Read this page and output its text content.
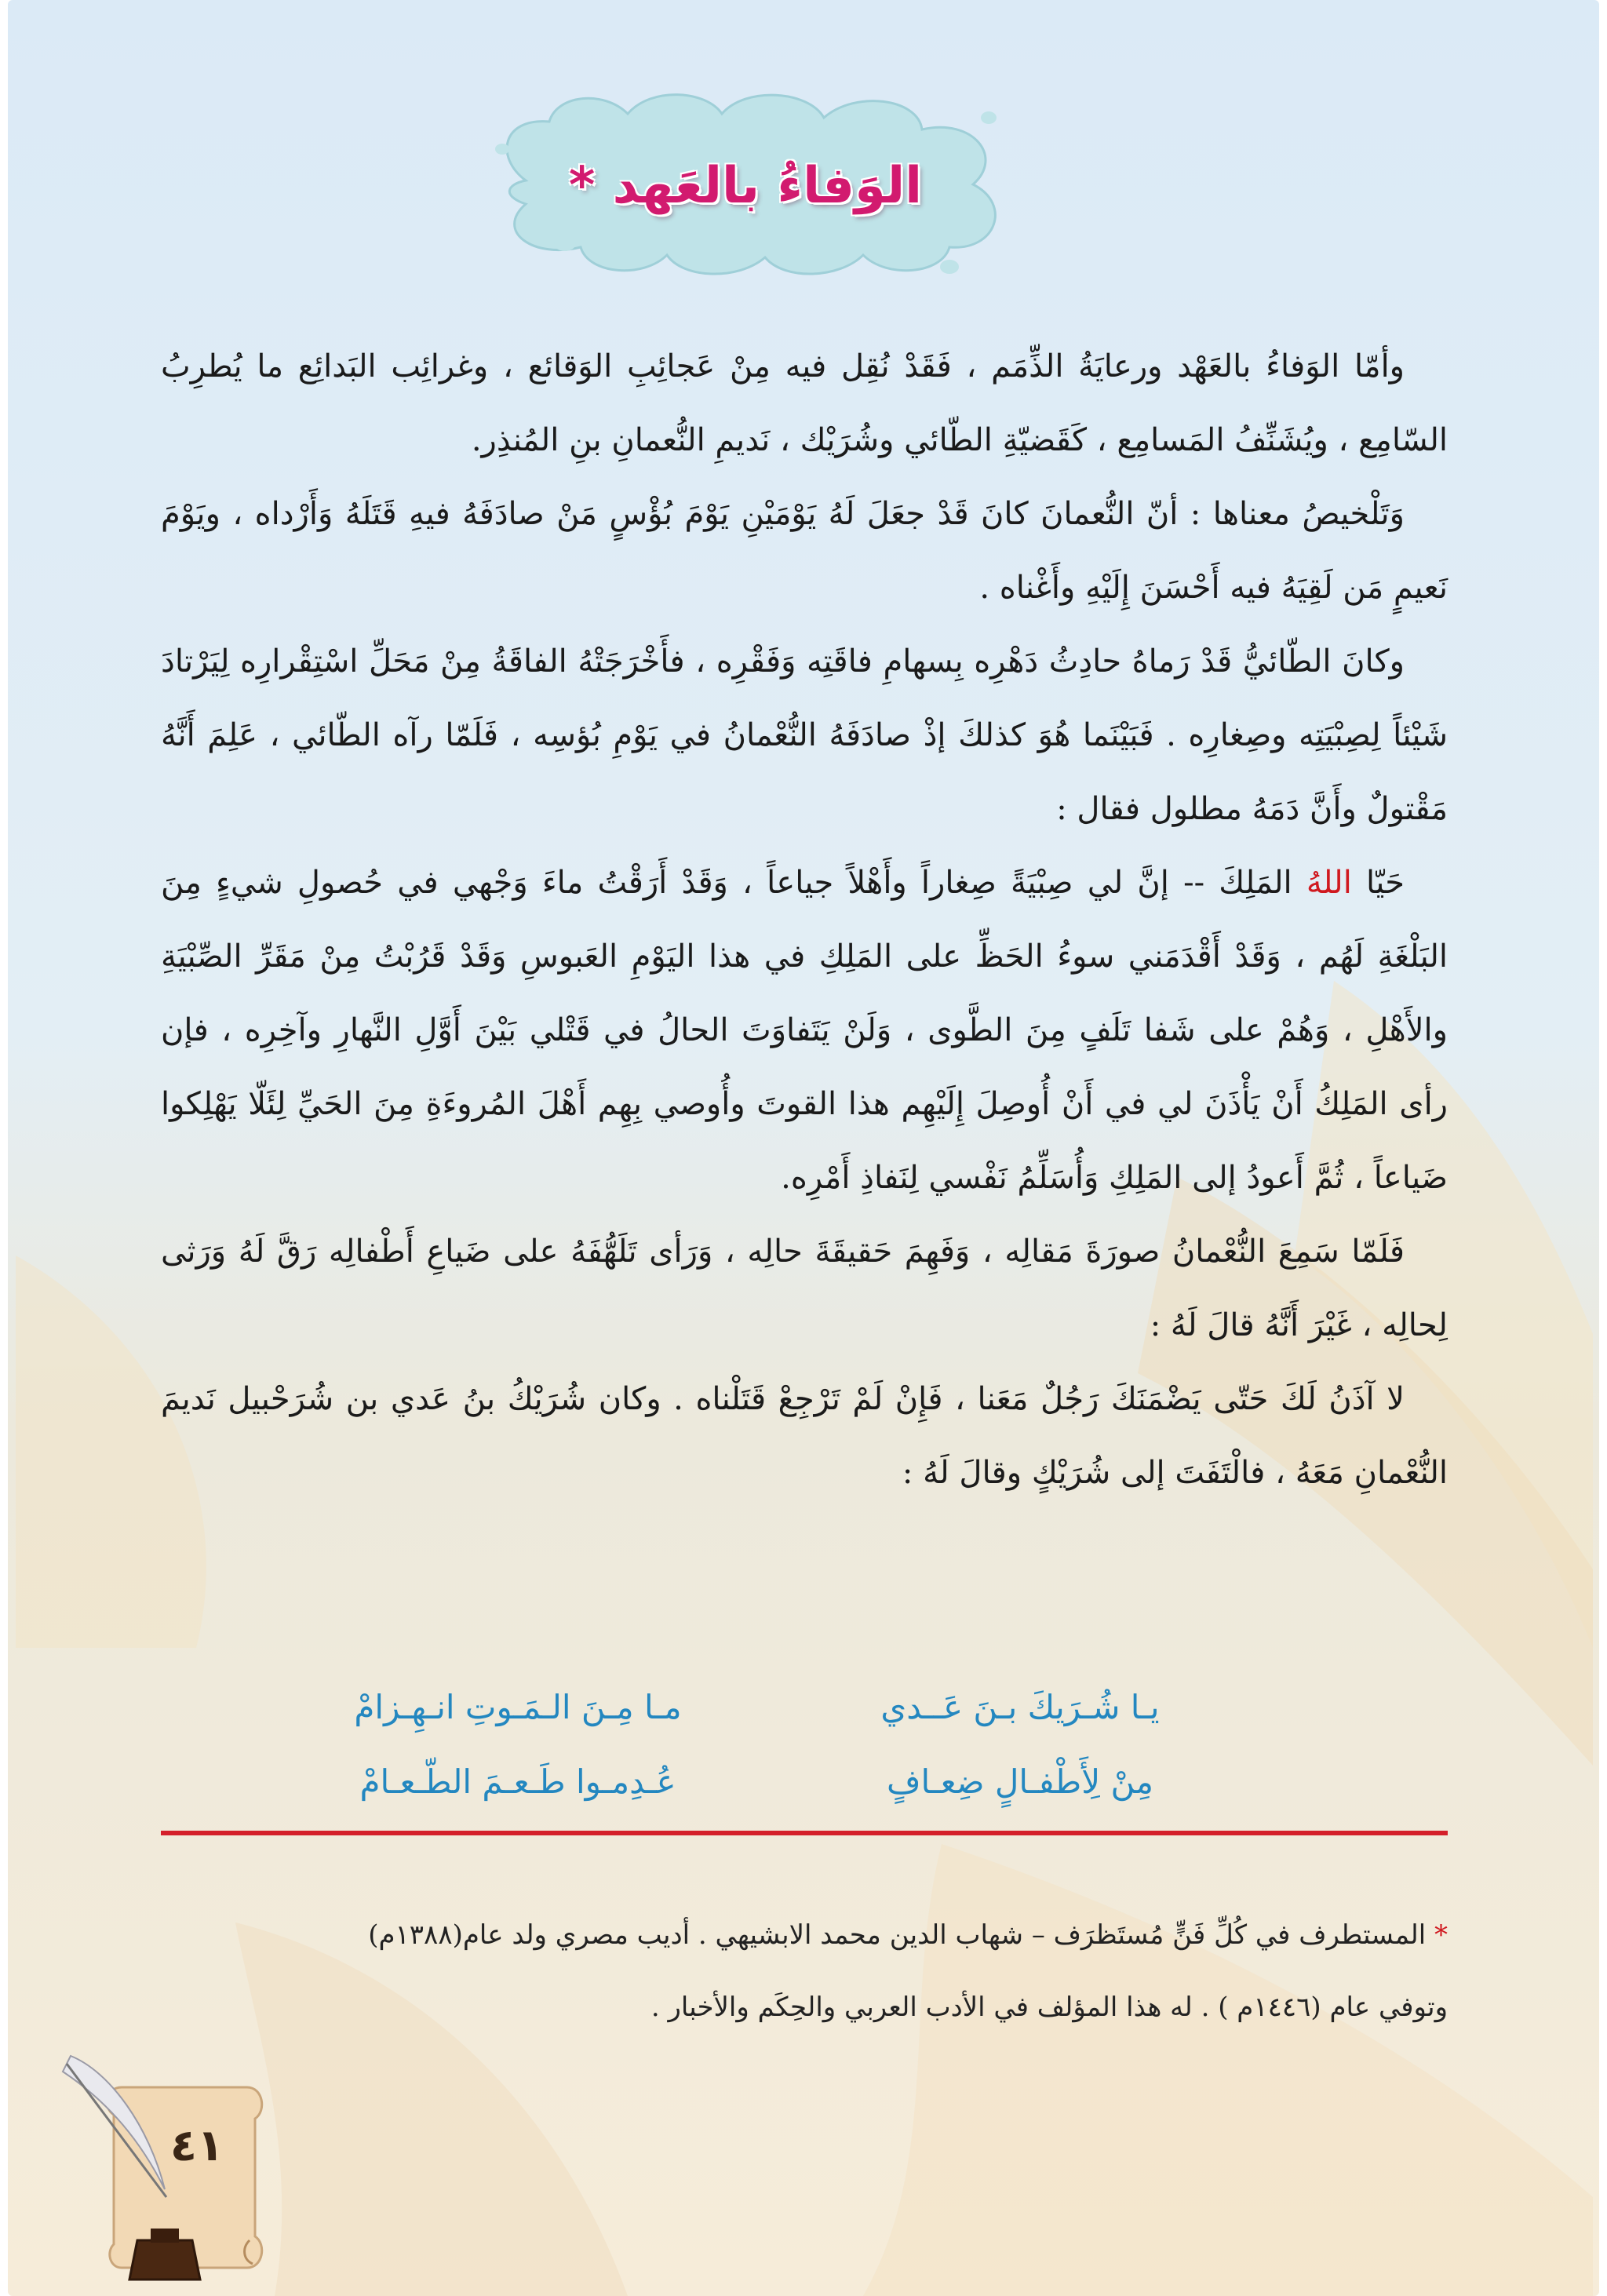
الوَفاءُ بالعَهد *

وأمّا الوَفاءُ بالعَهْد ورعايَةُ الذِّمَم ، فَقَدْ نُقِل فيه مِنْ عَجائِبِ الوَقائع ، وغرائِب البَدائِع ما يُطرِبُ السّامِع ، ويُشَنِّفُ المَسامِع ، كَقَضيّةِ الطّائي وشُرَيْك ، نَديمِ النُّعمانِ بنِ المُنذِر.

وَتَلْخيصُ معناها : أنّ النُّعمانَ كانَ قَدْ جعَلَ لَهُ يَوْمَيْنِ يَوْمَ بُؤْسٍ مَنْ صادَفَهُ فيهِ قَتَلَهُ وَأَرْداه ، ويَوْمَ نَعيمٍ مَن لَقِيَهُ فيه أَحْسَنَ إِلَيْهِ وأَغْناه .

وكانَ الطّائيُّ قَدْ رَماهُ حادِثُ دَهْرِه بِسهامِ فاقَتِه وَفَقْرِه ، فأَخْرَجَتْهُ الفاقَةُ مِنْ مَحَلِّ اسْتِقْرارِه لِيَرْتادَ شَيْئاً لِصِبْيَتِه وصِغارِه . فَبَيْنَما هُوَ كذلكَ إذْ صادَفَهُ النُّعْمانُ في يَوْمِ بُؤسِه ، فَلَمّا رآه الطّائي ، عَلِمَ أَنَّهُ مَقْتولٌ وأَنَّ دَمَهُ مطلول فقال :

حَيّا اللهُ المَلِكَ -- إنَّ لي صِبْيَةً صِغاراً وأَهْلاً جياعاً ، وَقَدْ أَرَقْتُ ماءَ وَجْهي في حُصولِ شيءٍ مِنَ البَلْغَةِ لَهُم ، وَقَدْ أَقْدَمَني سوءُ الحَظِّ على المَلِكِ في هذا اليَوْمِ العَبوسِ وَقَدْ قَرُبْتُ مِنْ مَقَرِّ الصِّبْيَةِ والأَهْلِ ، وَهُمْ على شَفا تَلَفٍ مِنَ الطَّوى ، وَلَنْ يَتَفاوَتَ الحالُ في قَتْلي بَيْنَ أَوَّلِ النَّهارِ وآخِرِه ، فإن رأى المَلِكُ أَنْ يَأْذَنَ لي في أَنْ أُوصِلَ إِلَيْهِم هذا القوتَ وأُوصي بِهِم أَهْلَ المُروءَةِ مِنَ الحَيِّ لِئَلّا يَهْلِكوا ضَياعاً ، ثُمَّ أَعودُ إلى المَلِكِ وَأُسَلِّمُ نَفْسي لِنَفاذِ أَمْرِه.

فَلَمّا سَمِعَ النُّعْمانُ صورَةَ مَقالِه ، وَفَهِمَ حَقيقَةَ حالِه ، وَرَأى تَلَهُّفَهُ على ضَياعِ أَطْفالِه رَقَّ لَهُ وَرَثى لِحالِه ، غَيْرَ أَنَّهُ قالَ لَهُ :

لا آذَنُ لَكَ حَتّى يَضْمَنَكَ رَجُلٌ مَعَنا ، فَإِنْ لَمْ تَرْجِعْ قَتَلْناه . وكان شُرَيْكُ بنُ عَدي بن شُرَحْبيل نَديمَ النُّعْمانِ مَعَهُ ، فالْتَفَتَ إلى شُرَيْكٍ وقالَ لَهُ :

يـا شُـرَيكَ بـنَ عَــدي
مـا مِـنَ الـمَـوتِ انـهِـزامْ
مِنْ لِأَطْفـالٍ ضِعـافٍ
عُـدِمـوا طَـعـمَ الطّـعـامْ
* المستطرف في كُلِّ فَنٍّ مُستَظرَف – شهاب الدين محمد الابشيهي . أديب مصري ولد عام(١٣٨٨م)
وتوفي عام (١٤٤٦م ) . له هذا المؤلف في الأدب العربي والحِكَم والأخبار .
٤١
